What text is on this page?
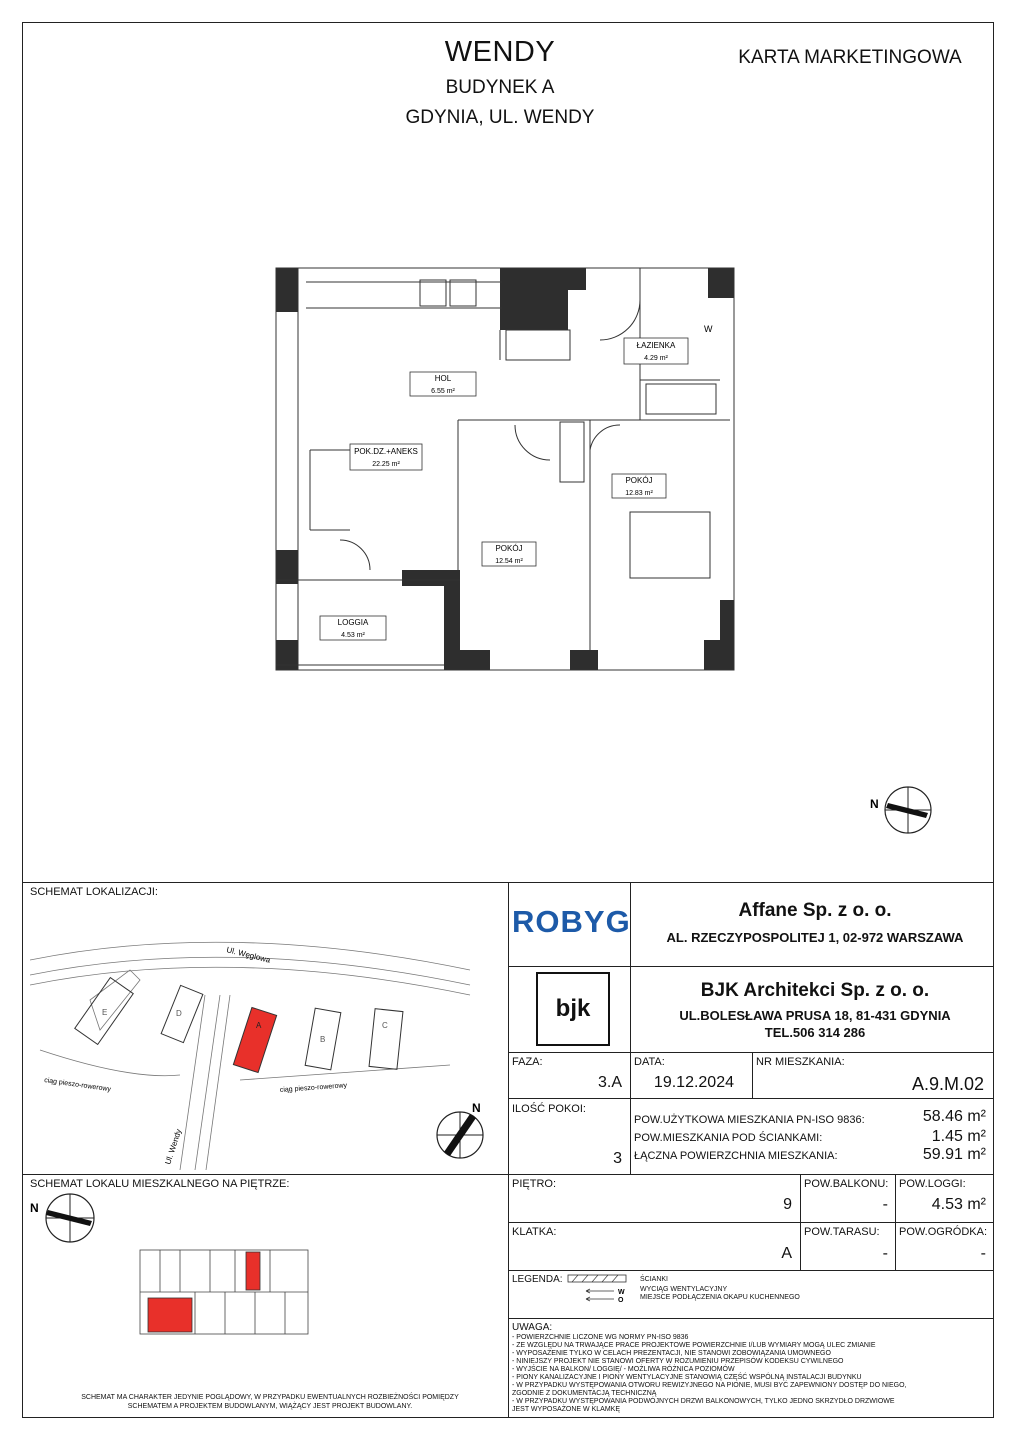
WENDY
BUDYNEK A
GDYNIA, UL. WENDY
KARTA MARKETINGOWA
HOL
6.55 m²
ŁAZIENKA
4.29 m²
W
POK.DZ.+ANEKS
22.25 m²
POKÓJ
12.83 m²
POKÓJ
12.54 m²
LOGGIA
4.53 m²
N
SCHEMAT LOKALIZACJI:
E	D
A
B
C
Ul. Węglowa
Ul. Wendy
ciąg pieszo-rowerowy	ciąg pieszo-rowerowy
N
ROBYG	Affane Sp. z o. o.
AL. RZECZYPOSPOLITEJ 1, 02-972 WARSZAWA
bjk
BJK Architekci Sp. z o. o.
UL.BOLESŁAWA PRUSA 18, 81-431 GDYNIA
TEL.506 314 286
FAZA:
3.A
DATA:
19.12.2024
NR MIESZKANIA:
A.9.M.02
ILOŚĆ POKOI:
3
POW.UŻYTKOWA MIESZKANIA PN-ISO 9836:	58.46 m²
POW.MIESZKANIA POD ŚCIANKAMI:	1.45 m²
ŁĄCZNA POWIERZCHNIA MIESZKANIA:	59.91 m²
PIĘTRO:
9
POW.BALKONU:
-
POW.LOGGI:
4.53 m²
KLATKA:
A
POW.TARASU:
-
POW.OGRÓDKA:
-
LEGENDA:
W
O
ŚCIANKI
WYCIĄG WENTYLACYJNY
MIEJSCE PODŁĄCZENIA OKAPU KUCHENNEGO
UWAGA:
- POWIERZCHNIE LICZONE WG NORMY PN-ISO 9836
- ZE WZGLĘDU NA TRWAJĄCE PRACE PROJEKTOWE POWIERZCHNIE I/LUB WYMIARY MOGĄ ULEC ZMIANIE
- WYPOSAŻENIE TYLKO W CELACH PREZENTACJI, NIE STANOWI ZOBOWIĄZANIA UMOWNEGO
- NINIEJSZY PROJEKT NIE STANOWI OFERTY W ROZUMIENIU PRZEPISÓW KODEKSU CYWILNEGO
- WYJŚCIE NA BALKON/ LOGGIĘ/ - MOŻLIWA RÓŻNICA POZIOMÓW
- PIONY KANALIZACYJNE I PIONY WENTYLACYJNE STANOWIĄ CZĘŚĆ WSPÓLNĄ INSTALACJI BUDYNKU
- W PRZYPADKU WYSTĘPOWANIA OTWORU REWIZYJNEGO NA PIONIE, MUSI BYĆ ZAPEWNIONY DOSTĘP DO NIEGO,
ZGODNIE Z DOKUMENTACJĄ TECHNICZNĄ
- W PRZYPADKU WYSTĘPOWANIA PODWÓJNYCH DRZWI BALKONOWYCH, TYLKO JEDNO SKRZYDŁO DRZWIOWE
JEST WYPOSAŻONE W KLAMKĘ
SCHEMAT LOKALU MIESZKALNEGO NA PIĘTRZE:
N
SCHEMAT MA CHARAKTER JEDYNIE POGLĄDOWY, W PRZYPADKU EWENTUALNYCH ROZBIEŻNOŚCI POMIĘDZY
SCHEMATEM A PROJEKTEM BUDOWLANYM, WIĄŻĄCY JEST PROJEKT BUDOWLANY.
